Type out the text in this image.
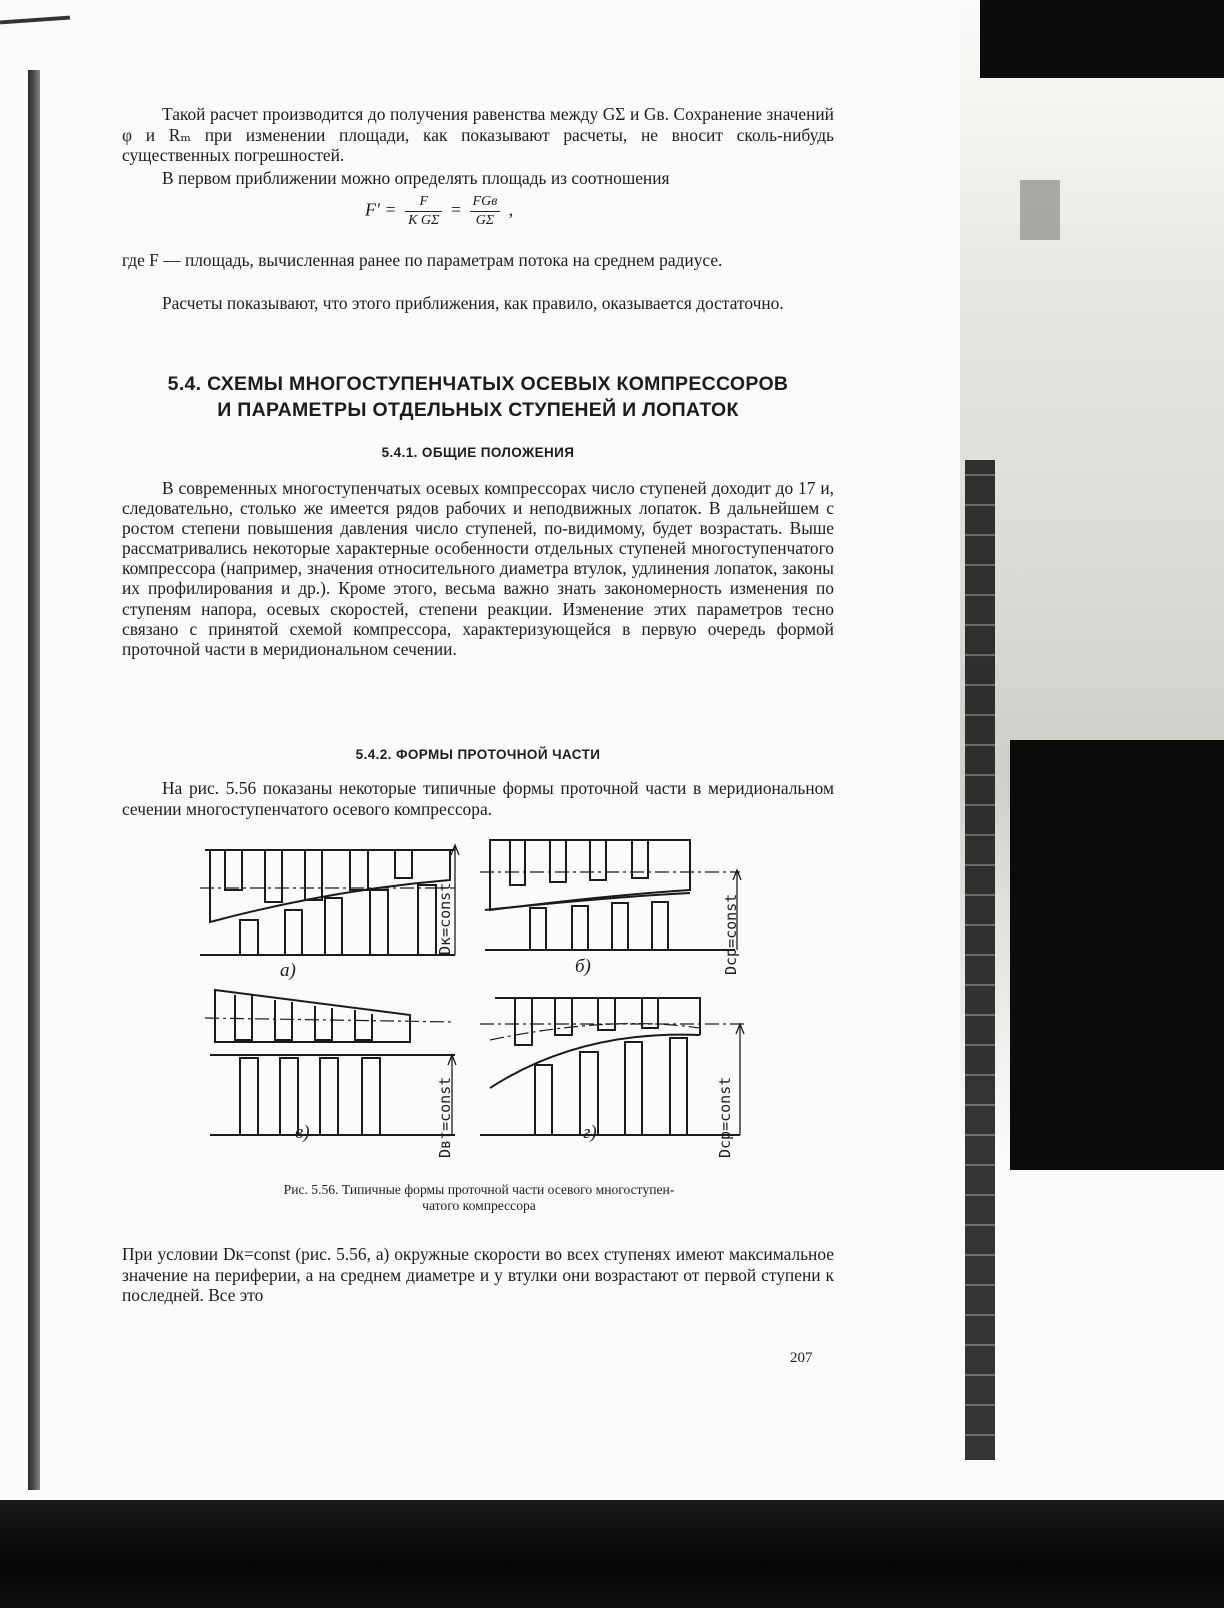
Такой расчет производится до получения равенства между GΣ и Gв. Сохранение значений φ и Rₘ при изменении площади, как показывают расчеты, не вносит сколь-нибудь существенных погрешностей.
В первом приближении можно определять площадь из соотношения
$F' = \frac{F}{\text{K GΣ}} = \frac{\text{FGв}}{G\Sigma}$ ,
где F — площадь, вычисленная ранее по параметрам потока на среднем радиусе.
Расчеты показывают, что этого приближения, как правило, оказывается достаточно.
5.4. СХЕМЫ МНОГОСТУПЕНЧАТЫХ ОСЕВЫХ КОМПРЕССОРОВ
И ПАРАМЕТРЫ ОТДЕЛЬНЫХ СТУПЕНЕЙ И ЛОПАТОК
5.4.1. ОБЩИЕ ПОЛОЖЕНИЯ
В современных многоступенчатых осевых компрессорах число ступеней доходит до 17 и, следовательно, столько же имеется рядов рабочих и неподвижных лопаток. В дальнейшем с ростом степени повышения давления число ступеней, по-видимому, будет возрастать. Выше рассматривались некоторые характерные особенности отдельных ступеней многоступенчатого компрессора (например, значения относительного диаметра втулок, удлинения лопаток, законы их профилирования и др.). Кроме этого, весьма важно знать закономерность изменения по ступеням напора, осевых скоростей, степени реакции. Изменение этих параметров тесно связано с принятой схемой компрессора, характеризующейся в первую очередь формой проточной части в меридиональном сечении.
5.4.2. ФОРМЫ ПРОТОЧНОЙ ЧАСТИ
На рис. 5.56 показаны некоторые типичные формы проточной части в меридиональном сечении многоступенчатого осевого компрессора.
а)	б)
в)	г)
Dк=const	Dср=const
Dвт=const	Dср=const
Рис. 5.56. Типичные формы проточной части осевого многоступен-
чатого компрессора
При условии Dк=const (рис. 5.56, a) окружные скорости во всех ступенях имеют максимальное значение на периферии, а на среднем диаметре и у втулки они возрастают от первой ступени к последней. Все это
207
